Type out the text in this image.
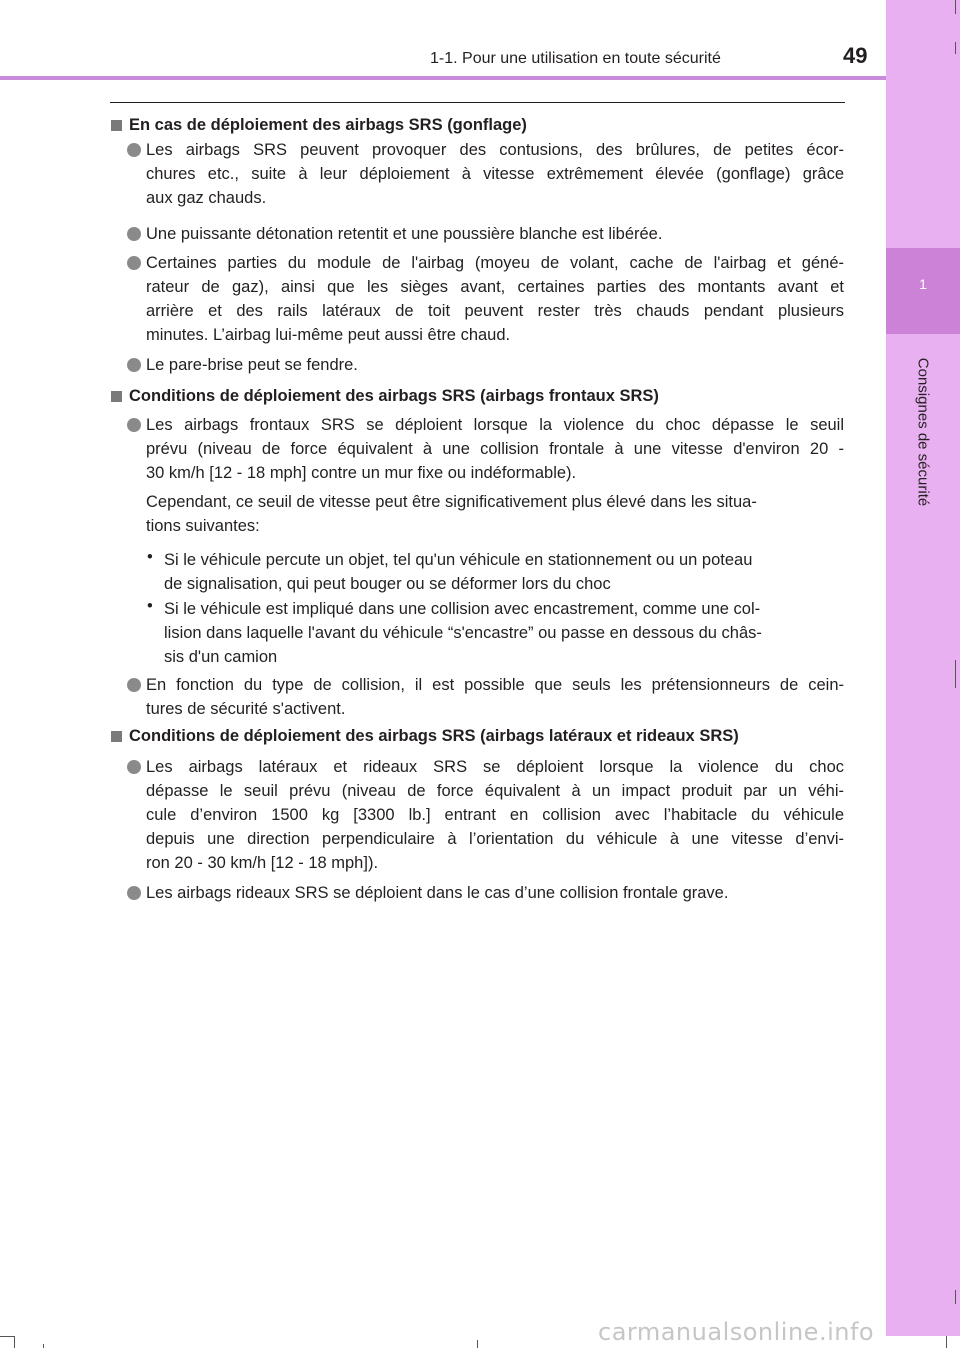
1-1. Pour une utilisation en toute sécurité	49
1
Consignes de sécurité
En cas de déploiement des airbags SRS (gonflage)
Les airbags SRS peuvent provoquer des contusions, des brûlures, de petites écor-
chures etc., suite à leur déploiement à vitesse extrêmement élevée (gonflage) grâce
aux gaz chauds.
Une puissante détonation retentit et une poussière blanche est libérée.
Certaines parties du module de l'airbag (moyeu de volant, cache de l'airbag et géné-
rateur de gaz), ainsi que les sièges avant, certaines parties des montants avant et
arrière et des rails latéraux de toit peuvent rester très chauds pendant plusieurs
minutes. L’airbag lui-même peut aussi être chaud.
Le pare-brise peut se fendre.
Conditions de déploiement des airbags SRS (airbags frontaux SRS)
Les airbags frontaux SRS se déploient lorsque la violence du choc dépasse le seuil
prévu (niveau de force équivalent à une collision frontale à une vitesse d'environ 20 -
30 km/h [12 - 18 mph] contre un mur fixe ou indéformable).
Cependant, ce seuil de vitesse peut être significativement plus élevé dans les situa-
tions suivantes:
• Si le véhicule percute un objet, tel qu'un véhicule en stationnement ou un poteau
de signalisation, qui peut bouger ou se déformer lors du choc
• Si le véhicule est impliqué dans une collision avec encastrement, comme une col-
lision dans laquelle l'avant du véhicule “s'encastre” ou passe en dessous du châs-
sis d'un camion
En fonction du type de collision, il est possible que seuls les prétensionneurs de cein-
tures de sécurité s'activent.
Conditions de déploiement des airbags SRS (airbags latéraux et rideaux SRS)
Les airbags latéraux et rideaux SRS se déploient lorsque la violence du choc
dépasse le seuil prévu (niveau de force équivalent à un impact produit par un véhi-
cule d’environ 1500 kg [3300 lb.] entrant en collision avec l’habitacle du véhicule
depuis une direction perpendiculaire à l’orientation du véhicule à une vitesse d’envi-
ron 20 - 30 km/h [12 - 18 mph]).
Les airbags rideaux SRS se déploient dans le cas d’une collision frontale grave.
carmanualsonline.info
